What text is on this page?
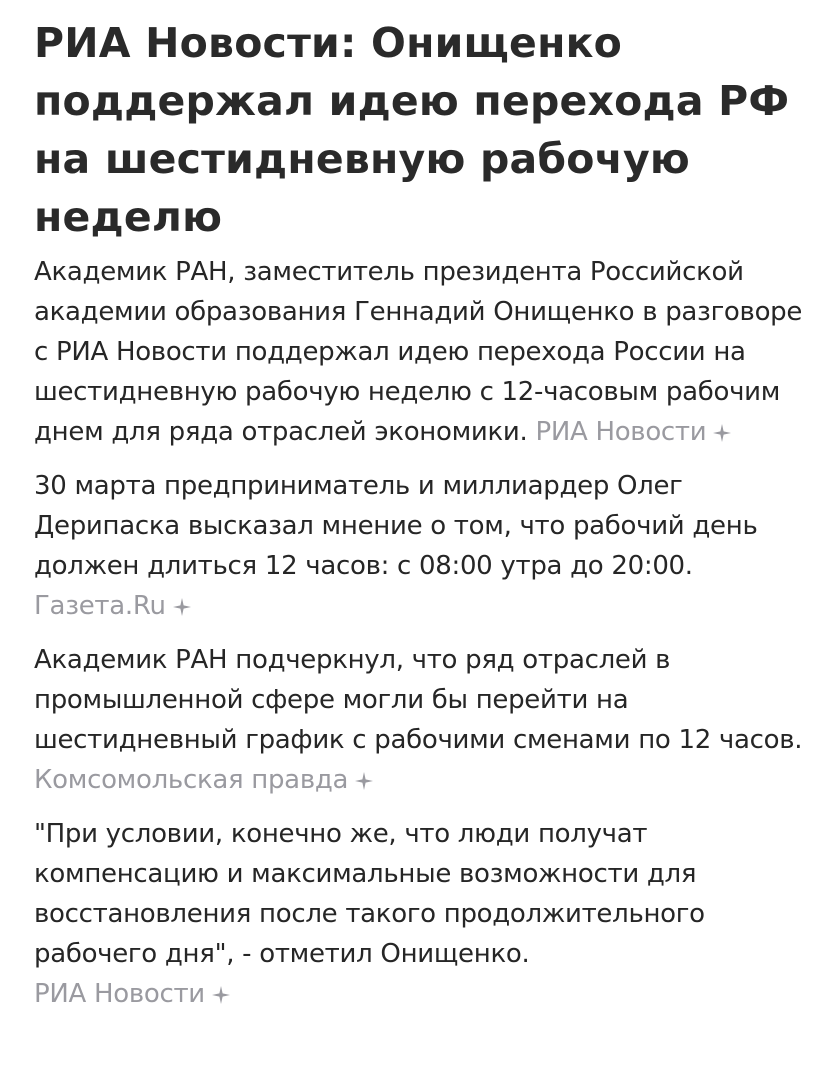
РИА Новости: Онищенко поддержал идею перехода РФ на шестидневную рабочую неделю

Академик РАН, заместитель президента Российской академии образования Геннадий Онищенко в разговоре с РИА Новости поддержал идею перехода России на шестидневную рабочую неделю с 12-часовым рабочим днем для ряда отраслей экономики. РИА Новости

30 марта предприниматель и миллиардер Олег Дерипаска высказал мнение о том, что рабочий день должен длиться 12 часов: с 08:00 утра до 20:00. Газета.Ru

Академик РАН подчеркнул, что ряд отраслей в промышленной сфере могли бы перейти на шестидневный график с рабочими сменами по 12 часов. Комсомольская правда

"При условии, конечно же, что люди получат компенсацию и максимальные возможности для восстановления после такого продолжительного рабочего дня", - отметил Онищенко.
РИА Новости
